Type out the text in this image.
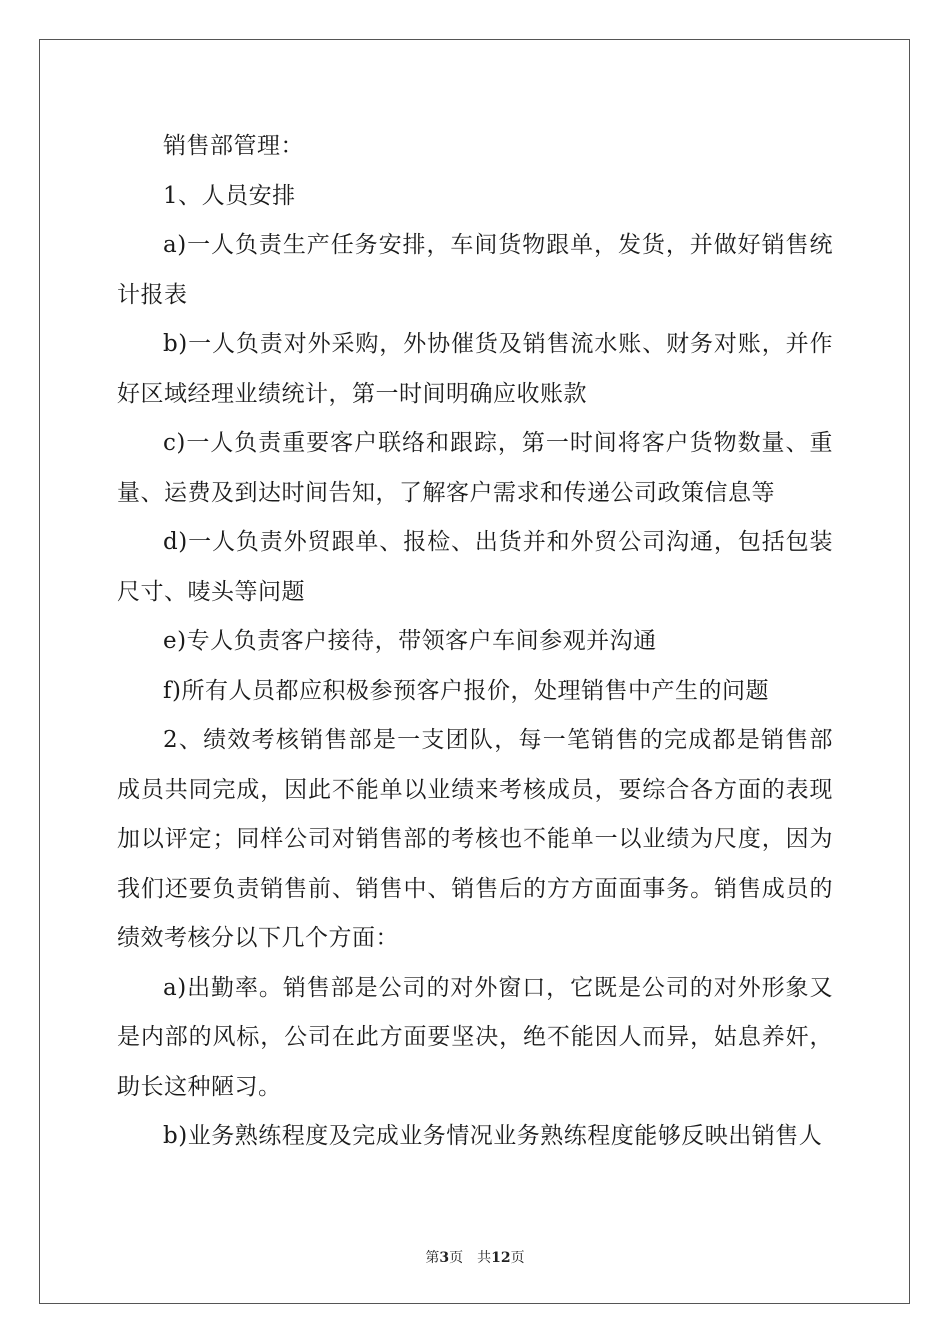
销售部管理：

1、人员安排

a)一人负责生产任务安排，车间货物跟单，发货，并做好销售统计报表

b)一人负责对外采购，外协催货及销售流水账、财务对账，并作好区域经理业绩统计，第一时间明确应收账款

c)一人负责重要客户联络和跟踪，第一时间将客户货物数量、重量、运费及到达时间告知，了解客户需求和传递公司政策信息等

d)一人负责外贸跟单、报检、出货并和外贸公司沟通，包括包装尺寸、唛头等问题

e)专人负责客户接待，带领客户车间参观并沟通

f)所有人员都应积极参预客户报价，处理销售中产生的问题

2、绩效考核销售部是一支团队，每一笔销售的完成都是销售部成员共同完成，因此不能单以业绩来考核成员，要综合各方面的表现加以评定；同样公司对销售部的考核也不能单一以业绩为尺度，因为我们还要负责销售前、销售中、销售后的方方面面事务。销售成员的绩效考核分以下几个方面：

a)出勤率。销售部是公司的对外窗口，它既是公司的对外形象又是内部的风标，公司在此方面要坚决，绝不能因人而异，姑息养奸，助长这种陋习。

b)业务熟练程度及完成业务情况业务熟练程度能够反映出销售人

第3页 共12页
